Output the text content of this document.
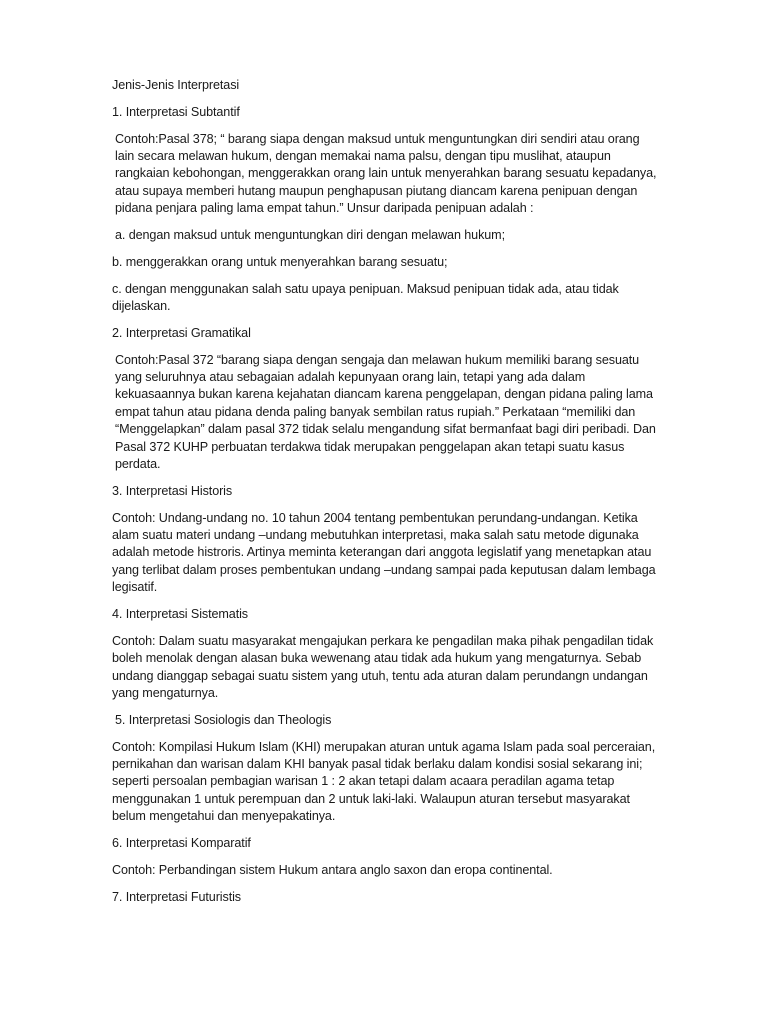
Jenis-Jenis Interpretasi

1. Interpretasi Subtantif

Contoh:Pasal 378; “ barang siapa dengan maksud untuk menguntungkan diri sendiri atau orang lain secara melawan hukum, dengan memakai nama palsu, dengan tipu muslihat, ataupun rangkaian kebohongan, menggerakkan orang lain untuk menyerahkan barang sesuatu kepadanya, atau supaya memberi hutang maupun penghapusan piutang diancam karena penipuan dengan pidana penjara paling lama empat tahun.” Unsur daripada penipuan adalah :

a. dengan maksud untuk menguntungkan diri dengan melawan hukum;

b. menggerakkan orang untuk menyerahkan barang sesuatu;

c. dengan menggunakan salah satu upaya penipuan. Maksud penipuan tidak ada, atau tidak dijelaskan.

2. Interpretasi Gramatikal

Contoh:Pasal 372 “barang siapa dengan sengaja dan melawan hukum memiliki barang sesuatu yang seluruhnya atau sebagaian adalah kepunyaan orang lain, tetapi yang ada dalam kekuasaannya bukan karena kejahatan diancam karena penggelapan, dengan pidana paling lama empat tahun atau pidana denda paling banyak sembilan ratus rupiah.” Perkataan “memiliki dan “Menggelapkan” dalam pasal 372 tidak selalu mengandung sifat bermanfaat bagi diri peribadi. Dan Pasal 372 KUHP perbuatan terdakwa tidak merupakan penggelapan akan tetapi suatu kasus perdata.

3. Interpretasi Historis

Contoh: Undang-undang no. 10 tahun 2004 tentang pembentukan perundang-undangan. Ketika alam suatu materi undang –undang mebutuhkan interpretasi, maka salah satu metode digunaka adalah metode histroris. Artinya meminta keterangan dari anggota legislatif yang menetapkan atau yang terlibat dalam proses pembentukan undang –undang sampai pada keputusan dalam lembaga legisatif.

4. Interpretasi Sistematis

Contoh: Dalam suatu masyarakat mengajukan perkara ke pengadilan maka pihak pengadilan tidak boleh menolak dengan alasan buka wewenang atau tidak ada hukum yang mengaturnya. Sebab undang dianggap sebagai suatu sistem yang utuh, tentu ada aturan dalam perundangn undangan yang mengaturnya.

5. Interpretasi Sosiologis dan Theologis

Contoh: Kompilasi Hukum Islam (KHI) merupakan aturan untuk agama Islam pada soal perceraian, pernikahan dan warisan dalam KHI banyak pasal tidak berlaku dalam kondisi sosial sekarang ini; seperti persoalan pembagian warisan 1 : 2 akan tetapi dalam acaara peradilan agama tetap menggunakan 1 untuk perempuan dan 2 untuk laki-laki. Walaupun aturan tersebut masyarakat belum mengetahui dan menyepakatinya.

6. Interpretasi Komparatif

Contoh: Perbandingan sistem Hukum antara anglo saxon dan eropa continental.

7. Interpretasi Futuristis
